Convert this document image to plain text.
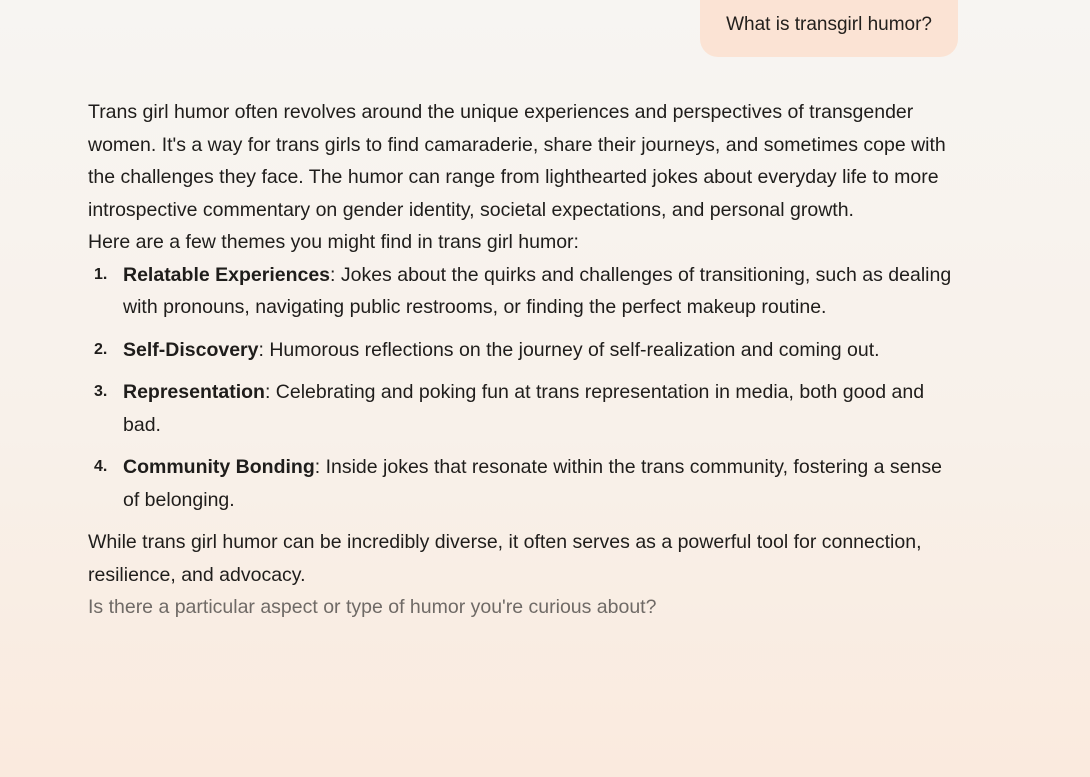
What is transgirl humor?

Trans girl humor often revolves around the unique experiences and perspectives of transgender women. It's a way for trans girls to find camaraderie, share their journeys, and sometimes cope with the challenges they face. The humor can range from lighthearted jokes about everyday life to more introspective commentary on gender identity, societal expectations, and personal growth.

Here are a few themes you might find in trans girl humor:

1. Relatable Experiences: Jokes about the quirks and challenges of transitioning, such as dealing with pronouns, navigating public restrooms, or finding the perfect makeup routine.
2. Self-Discovery: Humorous reflections on the journey of self-realization and coming out.
3. Representation: Celebrating and poking fun at trans representation in media, both good and bad.
4. Community Bonding: Inside jokes that resonate within the trans community, fostering a sense of belonging.

While trans girl humor can be incredibly diverse, it often serves as a powerful tool for connection, resilience, and advocacy.

Is there a particular aspect or type of humor you're curious about?
